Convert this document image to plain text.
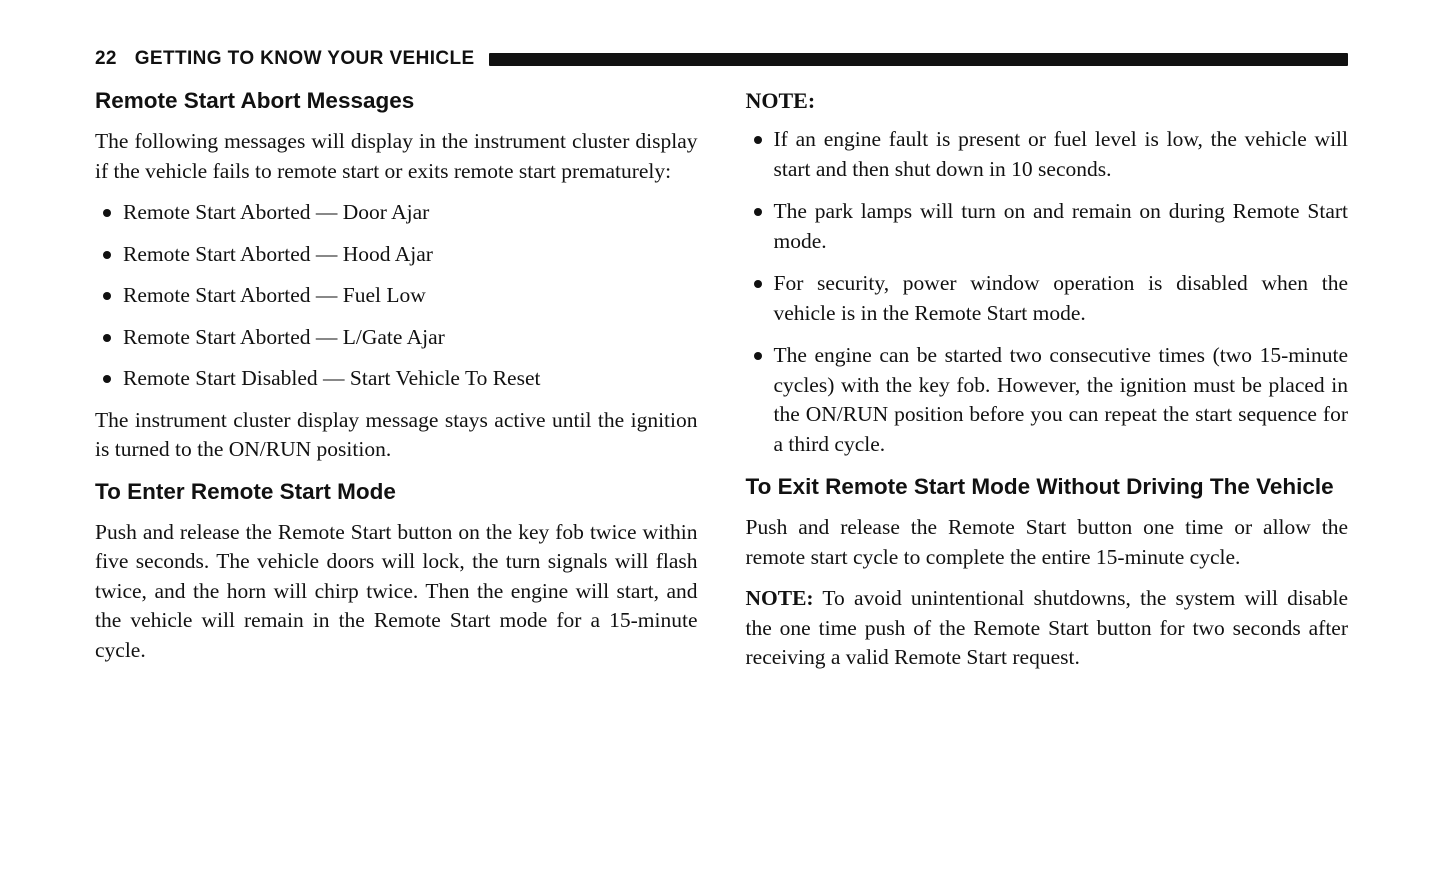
22 GETTING TO KNOW YOUR VEHICLE
Remote Start Abort Messages

The following messages will display in the instrument cluster display if the vehicle fails to remote start or exits remote start prematurely:

Remote Start Aborted — Door Ajar
Remote Start Aborted — Hood Ajar
Remote Start Aborted — Fuel Low
Remote Start Aborted — L/Gate Ajar
Remote Start Disabled — Start Vehicle To Reset

The instrument cluster display message stays active until the ignition is turned to the ON/RUN position.

To Enter Remote Start Mode

Push and release the Remote Start button on the key fob twice within five seconds. The vehicle doors will lock, the turn signals will flash twice, and the horn will chirp twice. Then the engine will start, and the vehicle will remain in the Remote Start mode for a 15-minute cycle.

NOTE:
If an engine fault is present or fuel level is low, the vehicle will start and then shut down in 10 seconds.
The park lamps will turn on and remain on during Remote Start mode.
For security, power window operation is disabled when the vehicle is in the Remote Start mode.
The engine can be started two consecutive times (two 15-minute cycles) with the key fob. However, the ignition must be placed in the ON/RUN position before you can repeat the start sequence for a third cycle.
To Exit Remote Start Mode Without Driving The Vehicle

Push and release the Remote Start button one time or allow the remote start cycle to complete the entire 15-minute cycle.

NOTE: To avoid unintentional shutdowns, the system will disable the one time push of the Remote Start button for two seconds after receiving a valid Remote Start request.
